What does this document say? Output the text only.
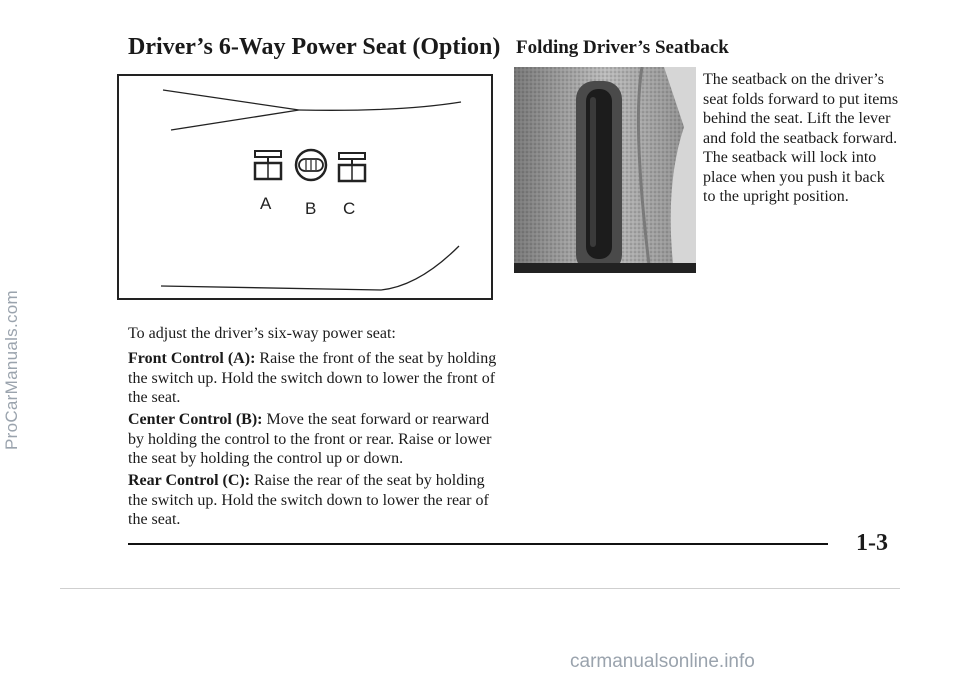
ProCarManuals.com
Driver’s 6-Way Power Seat (Option) Folding Driver’s Seatback
A B C

The seatback on the driver’s seat folds forward to put items behind the seat. Lift the lever and fold the seatback forward. The seatback will lock into place when you push it back to the upright position.

To adjust the driver’s six-way power seat:

Front Control (A): Raise the front of the seat by holding the switch up. Hold the switch down to lower the front of the seat.

Center Control (B): Move the seat forward or rearward by holding the control to the front or rear. Raise or lower the seat by holding the control up or down.

Rear Control (C): Raise the rear of the seat by holding the switch up. Hold the switch down to lower the rear of the seat.

1-3
carmanualsonline.info
